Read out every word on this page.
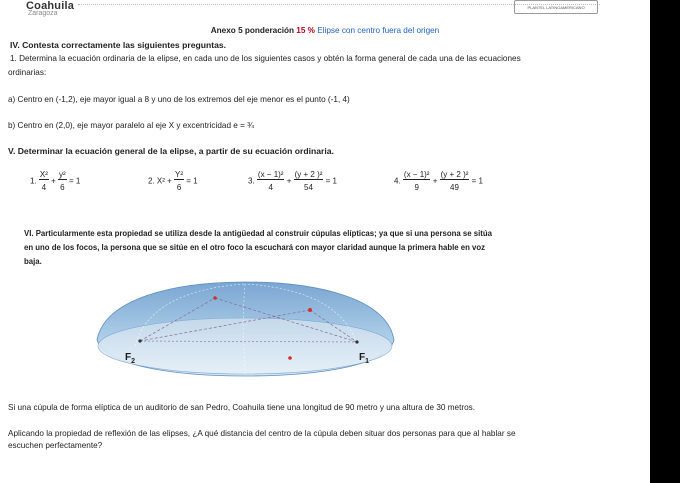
Coahuila
Zaragoza
PLANTEL LATINOAMERICANO
Anexo 5 ponderación 15 % Elipse con centro fuera del origen
IV. Contesta correctamente las siguientes preguntas.
1. Determina la ecuación ordinaria de la elipse, en cada uno de los siguientes casos y obtén la forma general de cada una de las ecuaciones
ordinarias:
a) Centro en (-1,2), eje mayor igual a 8 y uno de los extremos del eje menor es el punto (-1, 4)
b) Centro en (2,0), eje mayor paralelo al eje X y excentricidad e = ¾
V. Determinar la ecuación general de la elipse, a partir de su ecuación ordinaria.
1. $\frac{\text{X²}}{4} + \frac{\text{y²}}{6} = 1$	2. $X^2 + \frac{\text{Y²}}{6} = 1$	3. $\frac{\text{(x − 1)²}}{4} + \frac{\text{(y + 2 )²}}{54} = 1$	4. $\frac{\text{(x − 1)²}}{9} + \frac{\text{(y + 2 )²}}{49} = 1$
VI. Particularmente esta propiedad se utiliza desde la antigüedad al construir cúpulas elípticas; ya que si una persona se sitúa
en uno de los focos, la persona que se sitúe en el otro foco la escuchará con mayor claridad aunque la primera hable en voz
baja.
$F_2$	$F_1$
Si una cúpula de forma elíptica de un auditorio de san Pedro, Coahuila tiene una longitud de 90 metro y una altura de 30 metros.
Aplicando la propiedad de reflexión de las elipses, ¿A qué distancia del centro de la cúpula deben situar dos personas para que al hablar se
escuchen perfectamente?
